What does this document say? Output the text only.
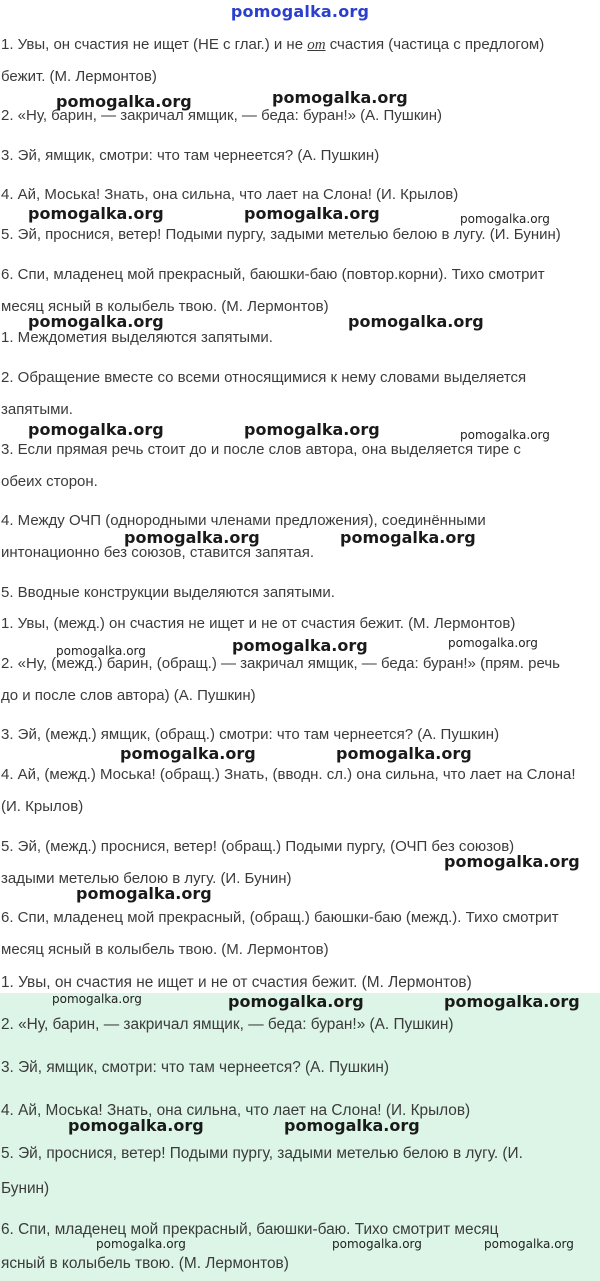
pomogalka.org
1. Увы, он счастия не ищет (НЕ с глаг.) и не от счастия (частица с предлогом)
бежит. (М. Лермонтов)
2. «Ну, барин, — закричал ямщик, — беда: буран!» (А. Пушкин)
3. Эй, ямщик, смотри: что там чернеется? (А. Пушкин)
4. Ай, Моська! Знать, она сильна, что лает на Слона! (И. Крылов)
5. Эй, проснися, ветер! Подыми пургу, задыми метелью белою в лугу. (И. Бунин)
6. Спи, младенец мой прекрасный, баюшки-баю (повтор.корни). Тихо смотрит
месяц ясный в колыбель твою. (М. Лермонтов)
1. Междометия выделяются запятыми.
2. Обращение вместе со всеми относящимися к нему словами выделяется
запятыми.
3. Если прямая речь стоит до и после слов автора, она выделяется тире с
обеих сторон.
4. Между ОЧП (однородными членами предложения), соединёнными
интонационно без союзов, ставится запятая.
5. Вводные конструкции выделяются запятыми.
1. Увы, (межд.) он счастия не ищет и не от счастия бежит. (М. Лермонтов)
2. «Ну, (межд.) барин, (обращ.) — закричал ямщик, — беда: буран!» (прям. речь
до и после слов автора) (А. Пушкин)
3. Эй, (межд.) ямщик, (обращ.) смотри: что там чернеется? (А. Пушкин)
4. Ай, (межд.) Моська! (обращ.) Знать, (вводн. сл.) она сильна, что лает на Слона!
(И. Крылов)
5. Эй, (межд.) проснися, ветер! (обращ.) Подыми пургу, (ОЧП без союзов)
задыми метелью белою в лугу. (И. Бунин)
6. Спи, младенец мой прекрасный, (обращ.) баюшки-баю (межд.). Тихо смотрит
месяц ясный в колыбель твою. (М. Лермонтов)
1. Увы, он счастия не ищет и не от счастия бежит. (М. Лермонтов)
2. «Ну, барин, — закричал ямщик, — беда: буран!» (А. Пушкин)
3. Эй, ямщик, смотри: что там чернеется? (А. Пушкин)
4. Ай, Моська! Знать, она сильна, что лает на Слона! (И. Крылов)
5. Эй, проснися, ветер! Подыми пургу, задыми метелью белою в лугу. (И.
Бунин)
6. Спи, младенец мой прекрасный, баюшки-баю. Тихо смотрит месяц
ясный в колыбель твою. (М. Лермонтов)
pomogalka.org	pomogalka.org
pomogalka.org	pomogalka.org	pomogalka.org
pomogalka.org	pomogalka.org
pomogalka.org	pomogalka.org	pomogalka.org
pomogalka.org	pomogalka.org
pomogalka.org	pomogalka.org	pomogalka.org
pomogalka.org	pomogalka.org
pomogalka.org
pomogalka.org
pomogalka.org	pomogalka.org	pomogalka.org
pomogalka.org	pomogalka.org
pomogalka.org	pomogalka.org	pomogalka.org
